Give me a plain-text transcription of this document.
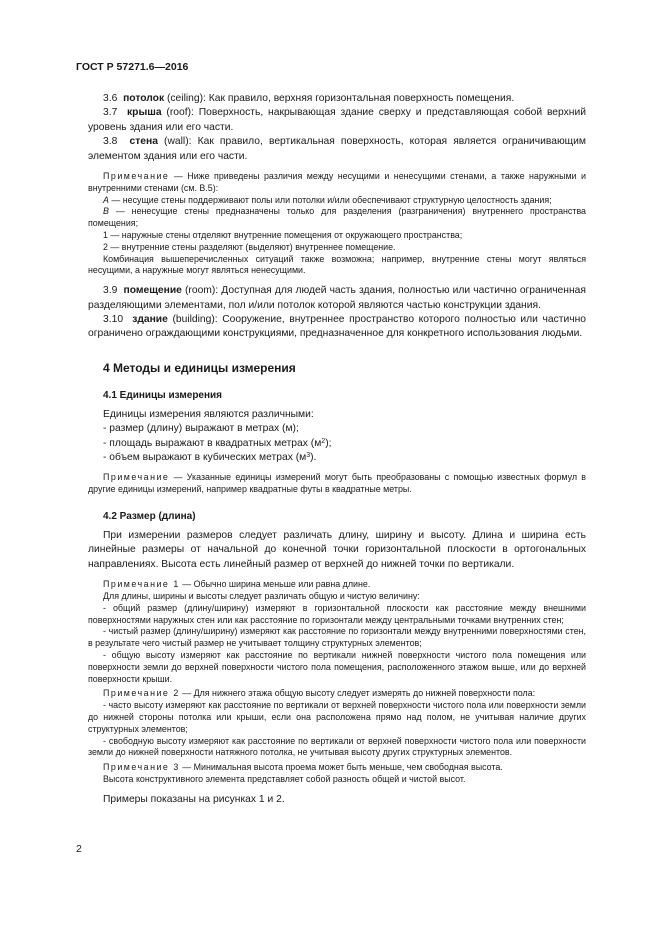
ГОСТ Р 57271.6—2016

3.6 потолок (ceiling): Как правило, верхняя горизонтальная поверхность помещения.

3.7 крыша (roof): Поверхность, накрывающая здание сверху и представляющая собой верхний уровень здания или его части.

3.8 стена (wall): Как правило, вертикальная поверхность, которая является ограничивающим элементом здания или его части.

Примечание — Ниже приведены различия между несущими и ненесущими стенами, а также наружными и внутренними стенами (см. В.5):

А — несущие стены поддерживают полы или потолки и/или обеспечивают структурную целостность здания;

В — ненесущие стены предназначены только для разделения (разграничения) внутреннего пространства помещения;

1 — наружные стены отделяют внутренние помещения от окружающего пространства;

2 — внутренние стены разделяют (выделяют) внутреннее помещение.

Комбинация вышеперечисленных ситуаций также возможна; например, внутренние стены могут являться несущими, а наружные могут являться ненесущими.

3.9 помещение (room): Доступная для людей часть здания, полностью или частично ограниченная разделяющими элементами, пол и/или потолок которой являются частью конструкции здания.

3.10 здание (building): Сооружение, внутреннее пространство которого полностью или частично ограничено ограждающими конструкциями, предназначенное для конкретного использования людьми.

4 Методы и единицы измерения
4.1 Единицы измерения

Единицы измерения являются различными:

- размер (длину) выражают в метрах (м);

- площадь выражают в квадратных метрах $(м^2)$;

- объем выражают в кубических метрах $(м^3)$.

Примечание — Указанные единицы измерений могут быть преобразованы с помощью известных формул в другие единицы измерений, например квадратные футы в квадратные метры.

4.2 Размер (длина)

При измерении размеров следует различать длину, ширину и высоту. Длина и ширина есть линейные размеры от начальной до конечной точки горизонтальной плоскости в ортогональных направлениях. Высота есть линейный размер от верхней до нижней точки по вертикали.

Примечание 1 — Обычно ширина меньше или равна длине.

Для длины, ширины и высоты следует различать общую и чистую величину:

- общий размер (длину/ширину) измеряют в горизонтальной плоскости как расстояние между внешними поверхностями наружных стен или как расстояние по горизонтали между центральными точками внутренних стен;

- чистый размер (длину/ширину) измеряют как расстояние по горизонтали между внутренними поверхностями стен, в результате чего чистый размер не учитывает толщину структурных элементов;

- общую высоту измеряют как расстояние по вертикали нижней поверхности чистого пола помещения или поверхности земли до верхней поверхности чистого пола помещения, расположенного этажом выше, или до верхней поверхности крыши.

Примечание 2 — Для нижнего этажа общую высоту следует измерять до нижней поверхности пола:

- часто высоту измеряют как расстояние по вертикали от верхней поверхности чистого пола или поверхности земли до нижней стороны потолка или крыши, если она расположена прямо над полом, не учитывая наличие других структурных элементов;

- свободную высоту измеряют как расстояние по вертикали от верхней поверхности чистого пола или поверхности земли до нижней поверхности натяжного потолка, не учитывая высоту других структурных элементов.

Примечание 3 — Минимальная высота проема может быть меньше, чем свободная высота.

Высота конструктивного элемента представляет собой разность общей и чистой высот.

Примеры показаны на рисунках 1 и 2.

2
